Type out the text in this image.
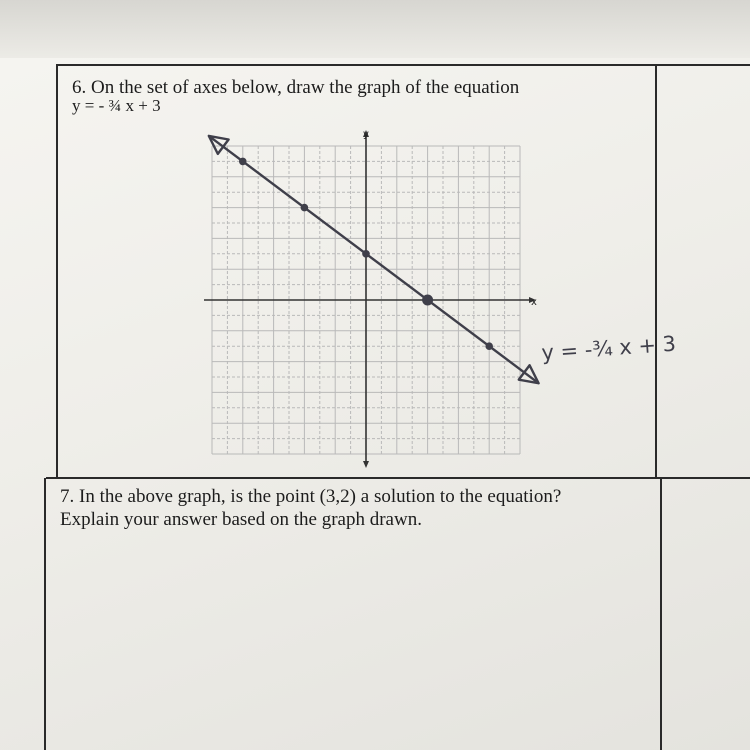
6. On the set of axes below, draw the graph of the equation
y = - ¾ x + 3
x
y
y = -¾ x + 3
7. In the above graph, is the point (3,2) a solution to the equation?
Explain your answer based on the graph drawn.
